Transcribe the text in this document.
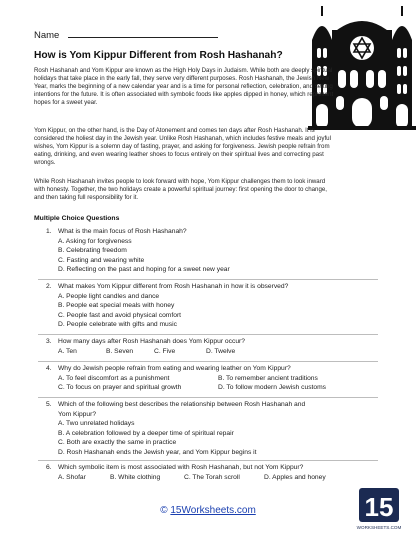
Name
How is Yom Kippur Different from Rosh Hashanah?

Rosh Hashanah and Yom Kippur are known as the High Holy Days in Judaism. While both are deeply spiritual holidays that take place in the early fall, they serve very different purposes. Rosh Hashanah, the Jewish New Year, marks the beginning of a new calendar year and is a time for personal reflection, celebration, and setting intentions for the future. It is often associated with symbolic foods like apples dipped in honey, which represent hopes for a sweet year.

Yom Kippur, on the other hand, is the Day of Atonement and comes ten days after Rosh Hashanah. It is considered the holiest day in the Jewish year. Unlike Rosh Hashanah, which includes festive meals and joyful wishes, Yom Kippur is a solemn day of fasting, prayer, and asking for forgiveness. Jewish people refrain from eating, drinking, and even wearing leather shoes to focus entirely on their spiritual lives and correcting past wrongs.

While Rosh Hashanah invites people to look forward with hope, Yom Kippur challenges them to look inward with honesty. Together, the two holidays create a powerful spiritual journey: first opening the door to change, and then taking full responsibility for it.

Multiple Choice Questions
1. What is the main focus of Rosh Hashanah?
A. Asking for forgiveness
B. Celebrating freedom
C. Fasting and wearing white
D. Reflecting on the past and hoping for a sweet new year
2. What makes Yom Kippur different from Rosh Hashanah in how it is observed?
A. People light candles and dance
B. People eat special meals with honey
C. People fast and avoid physical comfort
D. People celebrate with gifts and music
3. How many days after Rosh Hashanah does Yom Kippur occur?
A. Ten	B. Seven	C. Five	D. Twelve
4. Why do Jewish people refrain from eating and wearing leather on Yom Kippur?
A. To feel discomfort as a punishment	B. To remember ancient traditions
C. To focus on prayer and spiritual growth	D. To follow modern Jewish customs
5. Which of the following best describes the relationship between Rosh Hashanah and Yom Kippur?
A. Two unrelated holidays
B. A celebration followed by a deeper time of spiritual repair
C. Both are exactly the same in practice
D. Rosh Hashanah ends the Jewish year, and Yom Kippur begins it
6. Which symbolic item is most associated with Rosh Hashanah, but not Yom Kippur?
A. Shofar	B. White clothing	C. The Torah scroll	D. Apples and honey
© 15Worksheets.com	15
WORKSHEETS.COM
